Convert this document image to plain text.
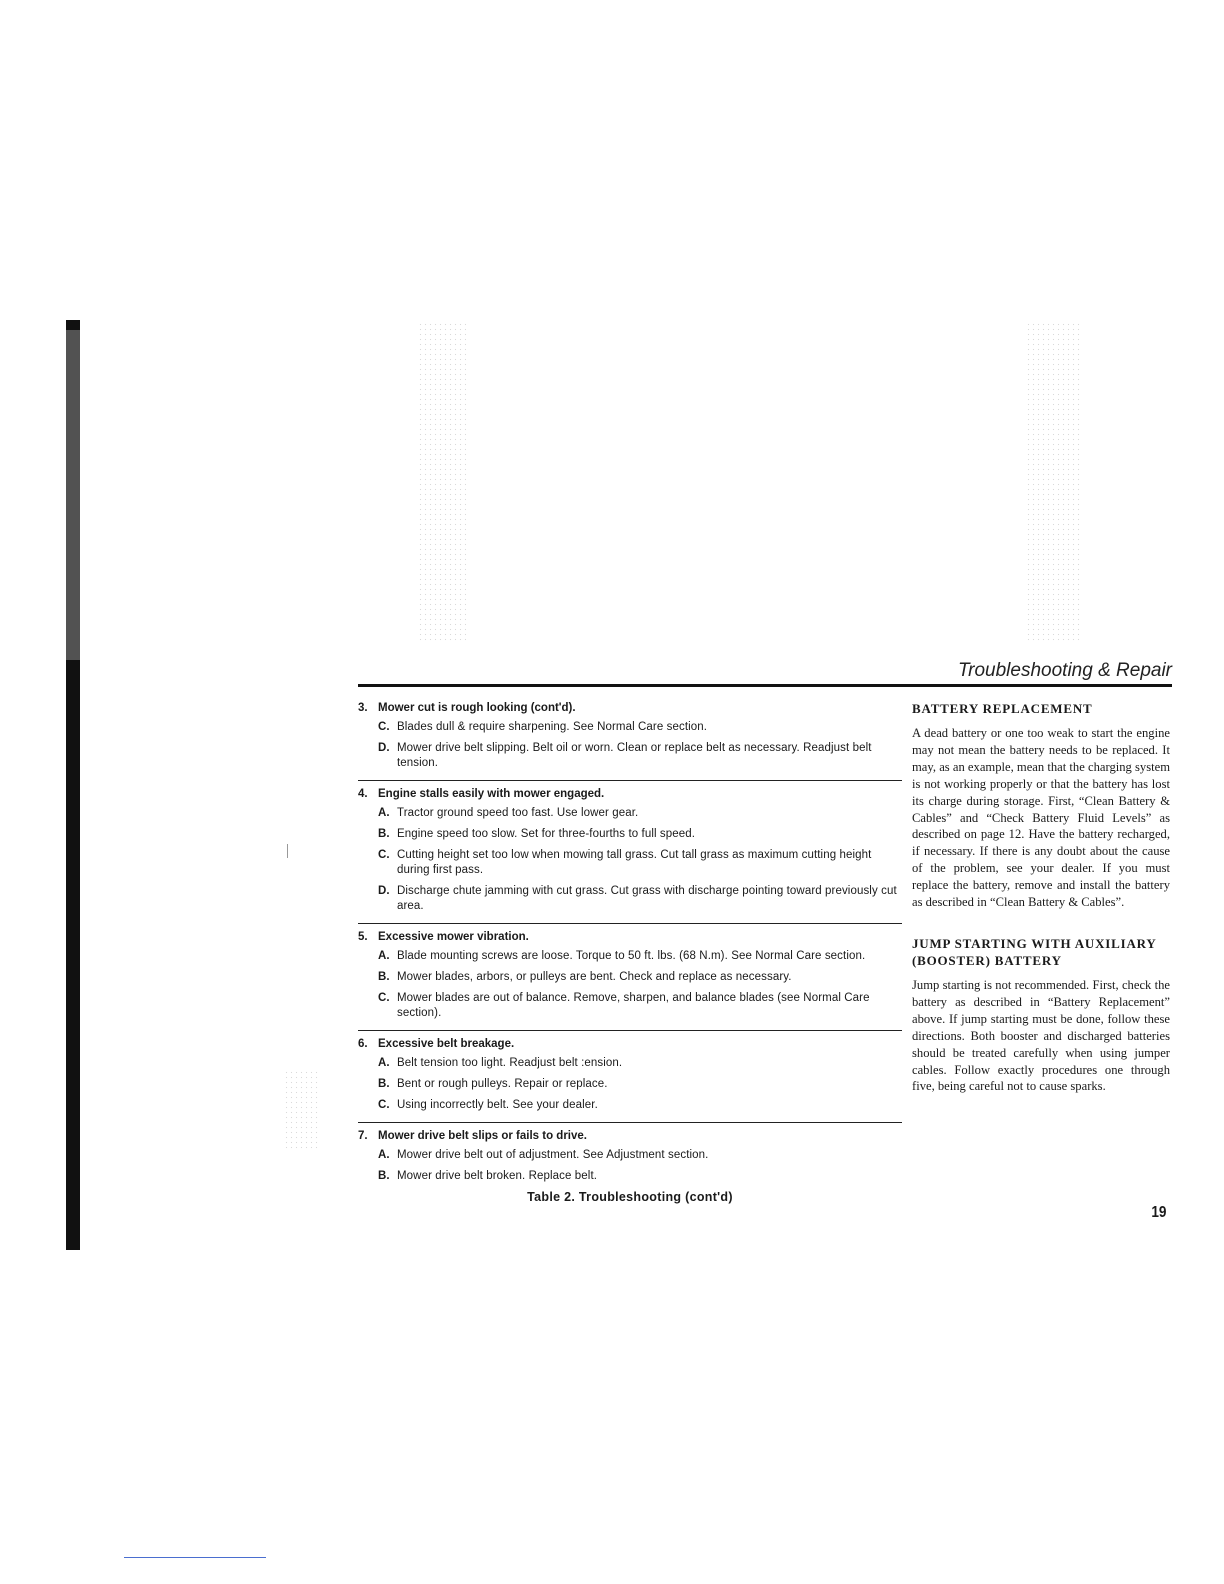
Troubleshooting & Repair
3. Mower cut is rough looking (cont'd).
C. Blades dull & require sharpening. See Normal Care section.
D. Mower drive belt slipping. Belt oil or worn. Clean or replace belt as necessary. Readjust belt tension.
4. Engine stalls easily with mower engaged.
A. Tractor ground speed too fast. Use lower gear.
B. Engine speed too slow. Set for three-fourths to full speed.
C. Cutting height set too low when mowing tall grass. Cut tall grass as maximum cutting height during first pass.
D. Discharge chute jamming with cut grass. Cut grass with discharge pointing toward previously cut area.
5. Excessive mower vibration.
A. Blade mounting screws are loose. Torque to 50 ft. lbs. (68 N.m). See Normal Care section.
B. Mower blades, arbors, or pulleys are bent. Check and replace as necessary.
C. Mower blades are out of balance. Remove, sharpen, and balance blades (see Normal Care section).
6. Excessive belt breakage.
A. Belt tension too light. Readjust belt :ension.
B. Bent or rough pulleys. Repair or replace.
C. Using incorrectly belt. See your dealer.
7. Mower drive belt slips or fails to drive.
A. Mower drive belt out of adjustment. See Adjustment section.
B. Mower drive belt broken. Replace belt.
Table 2. Troubleshooting (cont'd)
BATTERY REPLACEMENT

A dead battery or one too weak to start the engine may not mean the battery needs to be replaced. It may, as an example, mean that the charging system is not working properly or that the battery has lost its charge during storage. First, “Clean Battery & Cables” and “Check Battery Fluid Levels” as described on page 12. Have the battery recharged, if necessary. If there is any doubt about the cause of the problem, see your dealer. If you must replace the battery, remove and install the battery as described in “Clean Battery & Cables”.

JUMP STARTING WITH AUXILIARY (BOOSTER) BATTERY

Jump starting is not recommended. First, check the battery as described in “Battery Replacement” above. If jump starting must be done, follow these directions. Both booster and discharged batteries should be treated carefully when using jumper cables. Follow exactly procedures one through five, being careful not to cause sparks.

19
